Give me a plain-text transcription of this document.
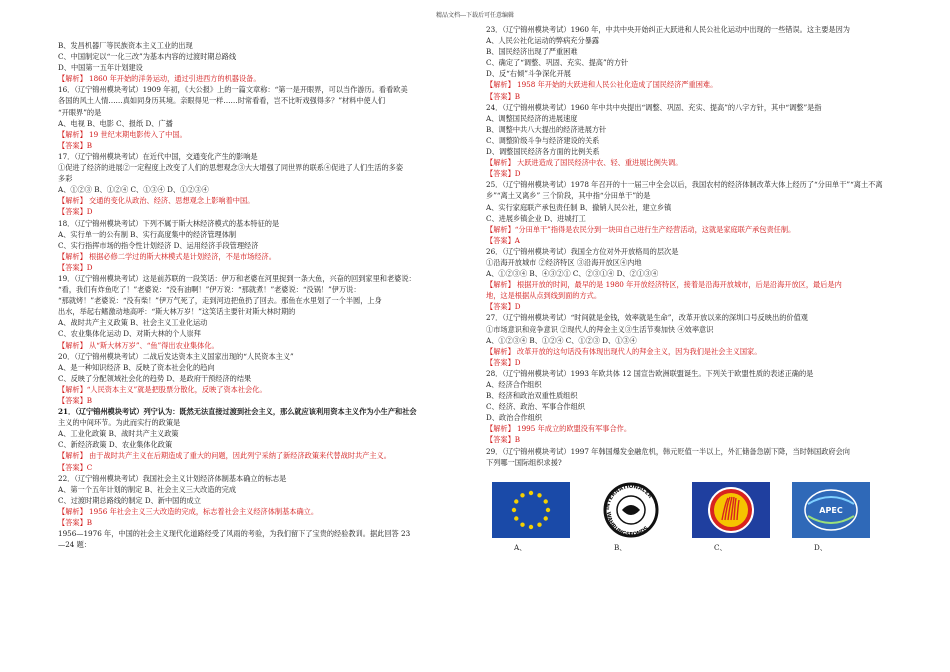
精品文档---下载后可任意编辑
B、发昌机器厂等民族资本主义工业的出现
C、中国制定以“一化三改”为基本内容的过渡时期总路线
D、中国第一五年计划建设
【解析】 1860 年开始的洋务运动，通过引进西方的机器设备。
16．（辽宁锦州模块考试）1909 年初，《大公报》上的一篇文章称：“第一是开眼界，可以当作游历。看看欧美
各国的风土人情……真如同身历其境。亲眼得见一样……时常看看，岂不比听戏强得多？”材料中使人们
“开眼界”的是
A、电视 B、电影 C、报纸 D、广播
【解析】 19 世纪末期电影传入了中国。
【答案】B
17．（辽宁锦州模块考试）在近代中国，交通变化产生的影响是
①促进了经济的进展②一定程度上改变了人们的思想观念③大大增强了同世界的联系④促进了人们生活的多姿
多彩
A、①②③ B、①②④ C、①③④ D、①②③④
【解析】 交通的变化从政治、经济、思想观念上影响着中国。
【答案】D
18．（辽宁锦州模块考试）下列不属于斯大林经济模式的基本特征的是
A、实行单一的公有制 B、实行高度集中的经济管理体制
C、实行指挥市场的指令性计划经济 D、运用经济手段管理经济
【解析】 根据必修二学过的斯大林模式是计划经济，不是市场经济。
【答案】D
19．（辽宁锦州模块考试）这是前苏联的一段笑话：伊万和老婆在河里捉到一条大鱼，兴奋的回到家里和老婆说：
“看，我们有炸鱼吃了！”老婆说：“没有油啊！”伊万说：“那就煮！”老婆说：“没锅！”伊万说：
“那就烤！”老婆说：“没有柴！”伊万气死了，走到河边把鱼扔了回去。那鱼在水里划了一个半圆，上身
出水，举起右鳍激动地高呼：“斯大林万岁！”这笑话主要针对斯大林时期的
A、战时共产主义政策 B、社会主义工业化运动
C、农业集体化运动 D、对斯大林的个人崇拜
【解析】 从“斯大林万岁”、“鱼”得出农业集体化。
20．（辽宁锦州模块考试）二战后发达资本主义国家出现的“人民资本主义”
A、是一种知识经济 B、反映了资本社会化的趋向
C、反映了分配领域社会化的趋势 D、是政府干预经济的结果
【解析】“人民资本主义”就是把股票分散化，反映了资本社会化。
【答案】B
21．（辽宁锦州模块考试）列宁认为：既然无法直接过渡到社会主义，那么就应该利用资本主义作为小生产和社会
主义的中间环节。为此而实行的政策是
A、工业化政策 B、战时共产主义政策
C、新经济政策 D、农业集体化政策
【解析】 由于战时共产主义在后期造成了重大的问题，因此列宁采纳了新经济政策来代替战时共产主义。
【答案】C
22．（辽宁锦州模块考试）我国社会主义计划经济体制基本确立的标志是
A、第一个五年计划的制定 B、社会主义三大改造的完成
C、过渡时期总路线的制定 D、新中国的成立
【解析】 1956 年社会主义三大改造的完成，标志着社会主义经济体制基本确立。
【答案】B
1956—1976 年，中国的社会主义现代化道路经受了风雨的考验，为我们留下了宝贵的经验教训。据此回答 23
—24 题：
23．（辽宁锦州模块考试）1960 年，中共中央开始纠正大跃进和人民公社化运动中出现的一些错误。这主要是因为
A、人民公社化运动的弊病充分暴露
B、国民经济出现了严重困难
C、确定了“调整、巩固、充实、提高”的方针
D、反“右倾”斗争深化开展
【解析】 1958 年开始的大跃进和人民公社化造成了国民经济严重困难。
【答案】B
24．（辽宁锦州模块考试）1960 年中共中央提出“调整、巩固、充实、提高”的八字方针，其中“调整”是指
A、调整国民经济的进展速度
B、调整中共八大提出的经济进展方针
C、调整阶级斗争与经济建设的关系
D、调整国民经济各方面的比例关系
【解析】 大跃进造成了国民经济中农、轻、重进展比例失调。
【答案】D
25．（辽宁锦州模块考试）1978 年召开的十一届三中全会以后，我国农村的经济体制改革大体上经历了“分田单干”“离土不离
乡”“离土又离乡” 三个阶段，其中指“分田单干”的是
A、实行家庭联产承包责任制 B、撤销人民公社，建立乡镇
C、进展乡镇企业 D、进城打工
【解析】“分田单干”指得是农民分到一块田自己进行生产经营活动，这就是家庭联产承包责任制。
【答案】A
26．（辽宁锦州模块考试）我国全方位对外开放格局的层次是
①沿海开放城市 ②经济特区 ③沿海开放区④内地
A、①②③④ B、④③②① C、②③①④ D、②①③④
【解析】 根据开放的时间，最早的是 1980 年开放经济特区，接着是沿海开放城市，后是沿海开放区，最后是内
地，这是根据从点到线到面的方式。
【答案】D
27．（辽宁锦州模块考试）“时间就是金钱，效率就是生命”，改革开放以来的深圳口号反映出的价值观
①市场意识和竞争意识 ②现代人的拜金主义③生活节奏加快 ④效率意识
A、①②③④ B、①②④ C、①②③ D、①③④
【解析】 改革开放的这句话没有体现出现代人的拜金主义，因为我们是社会主义国家。
【答案】D
28．（辽宁锦州模块考试）1993 年欧共体 12 国宣告欧洲联盟诞生。下列关于欧盟性质的表述正确的是
A、经济合作组织
B、经济和政治双重性质组织
C、经济、政治、军事合作组织
D、政治合作组织
【解析】 1995 年成立的欧盟没有军事合作。
【答案】B
29．（辽宁锦州模块考试）1997 年韩国爆发金融危机，韩元贬值一半以上，外汇储备急剧下降，当时韩国政府会向
下列哪一国际组织求援?
INTERNATIONALER
WAHRUNGSFONDS
APEC
A、	B、	C、	D、
